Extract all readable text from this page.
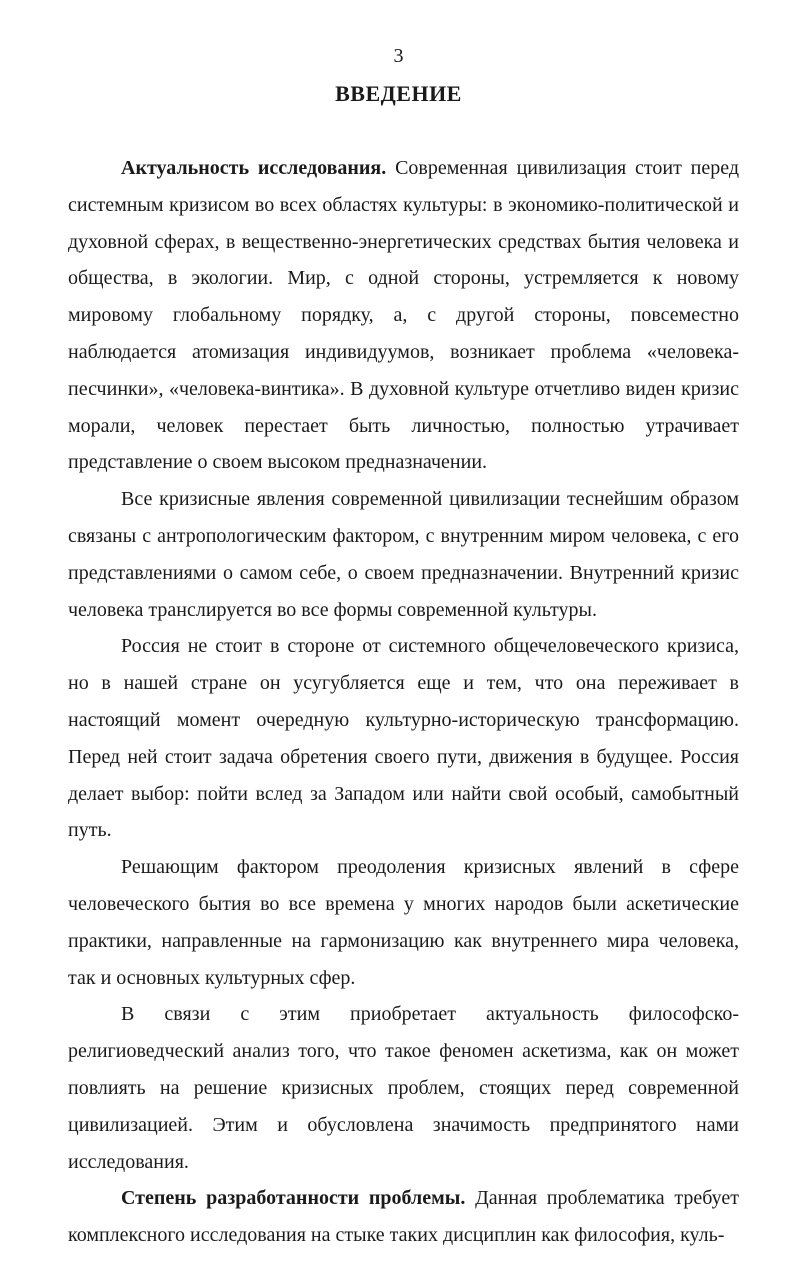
3
ВВЕДЕНИЕ

Актуальность исследования. Современная цивилизация стоит перед системным кризисом во всех областях культуры: в экономико-политической и духовной сферах, в вещественно-энергетических средствах бытия человека и общества, в экологии. Мир, с одной стороны, устремляется к новому мировому глобальному порядку, а, с другой стороны, повсеместно наблюдается атомизация индивидуумов, возникает проблема «человека-песчинки», «человека-винтика». В духовной культуре отчетливо виден кризис морали, человек перестает быть личностью, полностью утрачивает представление о своем высоком предназначении.

Все кризисные явления современной цивилизации теснейшим образом связаны с антропологическим фактором, с внутренним миром человека, с его представлениями о самом себе, о своем предназначении. Внутренний кризис человека транслируется во все формы современной культуры.

Россия не стоит в стороне от системного общечеловеческого кризиса, но в нашей стране он усугубляется еще и тем, что она переживает в настоящий момент очередную культурно-историческую трансформацию. Перед ней стоит задача обретения своего пути, движения в будущее. Россия делает выбор: пойти вслед за Западом или найти свой особый, самобытный путь.

Решающим фактором преодоления кризисных явлений в сфере человеческого бытия во все времена у многих народов были аскетические практики, направленные на гармонизацию как внутреннего мира человека, так и основных культурных сфер.

В связи с этим приобретает актуальность философско-религиоведческий анализ того, что такое феномен аскетизма, как он может повлиять на решение кризисных проблем, стоящих перед современной цивилизацией. Этим и обусловлена значимость предпринятого нами исследования.

Степень разработанности проблемы. Данная проблематика требует комплексного исследования на стыке таких дисциплин как философия, куль-
